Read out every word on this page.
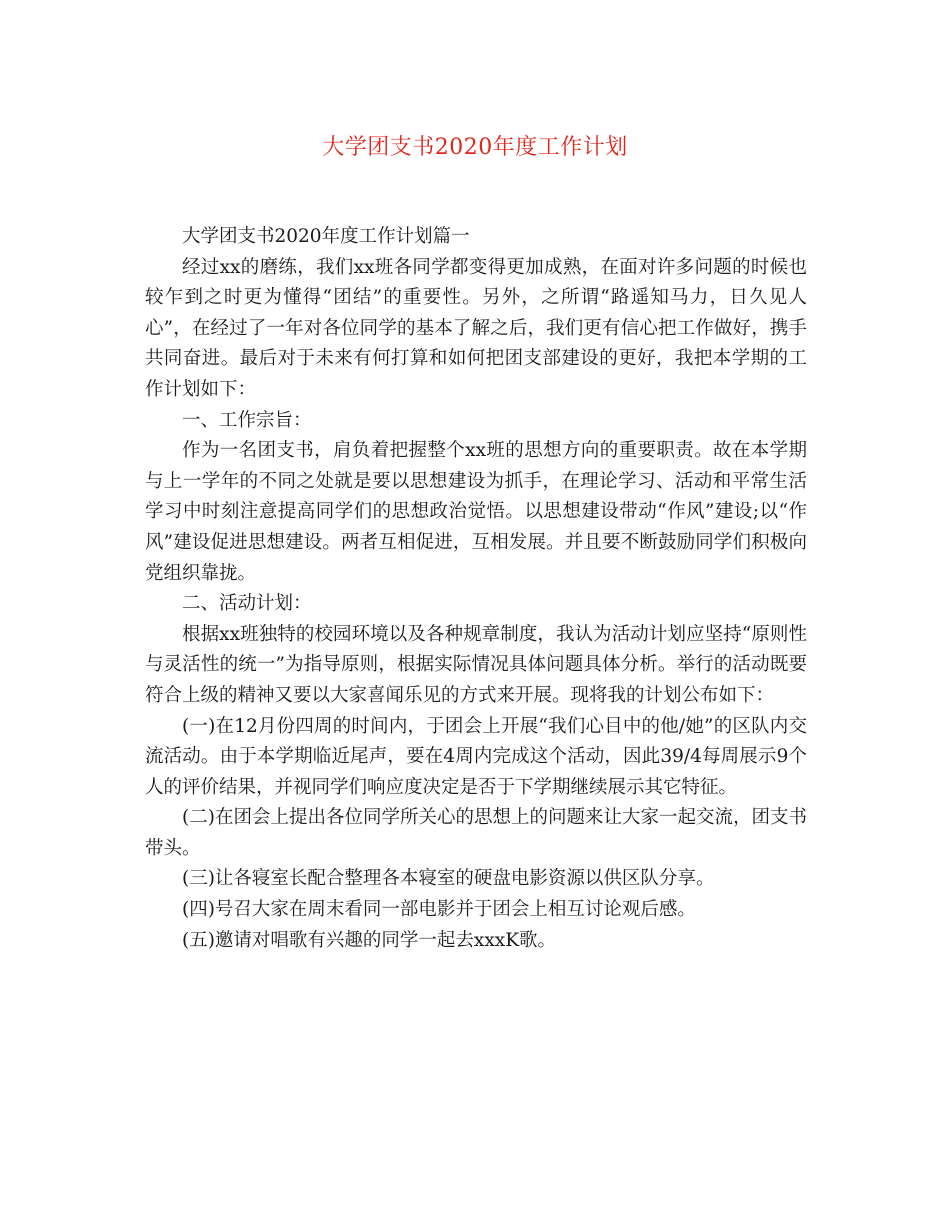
大学团支书2020年度工作计划

大学团支书2020年度工作计划篇一

经过xx的磨练，我们xx班各同学都变得更加成熟，在面对许多问题的时候也较乍到之时更为懂得“团结”的重要性。另外，之所谓“路遥知马力，日久见人心”，在经过了一年对各位同学的基本了解之后，我们更有信心把工作做好，携手共同奋进。最后对于未来有何打算和如何把团支部建设的更好，我把本学期的工作计划如下：

一、工作宗旨：

作为一名团支书，肩负着把握整个xx班的思想方向的重要职责。故在本学期与上一学年的不同之处就是要以思想建设为抓手，在理论学习、活动和平常生活学习中时刻注意提高同学们的思想政治觉悟。以思想建设带动“作风”建设;以“作风”建设促进思想建设。两者互相促进，互相发展。并且要不断鼓励同学们积极向党组织靠拢。

二、活动计划：

根据xx班独特的校园环境以及各种规章制度，我认为活动计划应坚持“原则性与灵活性的统一”为指导原则，根据实际情况具体问题具体分析。举行的活动既要符合上级的精神又要以大家喜闻乐见的方式来开展。现将我的计划公布如下：

(一)在12月份四周的时间内，于团会上开展“我们心目中的他/她”的区队内交流活动。由于本学期临近尾声，要在4周内完成这个活动，因此39/4每周展示9个人的评价结果，并视同学们响应度决定是否于下学期继续展示其它特征。

(二)在团会上提出各位同学所关心的思想上的问题来让大家一起交流，团支书带头。

(三)让各寝室长配合整理各本寝室的硬盘电影资源以供区队分享。

(四)号召大家在周末看同一部电影并于团会上相互讨论观后感。

(五)邀请对唱歌有兴趣的同学一起去xxxK歌。
